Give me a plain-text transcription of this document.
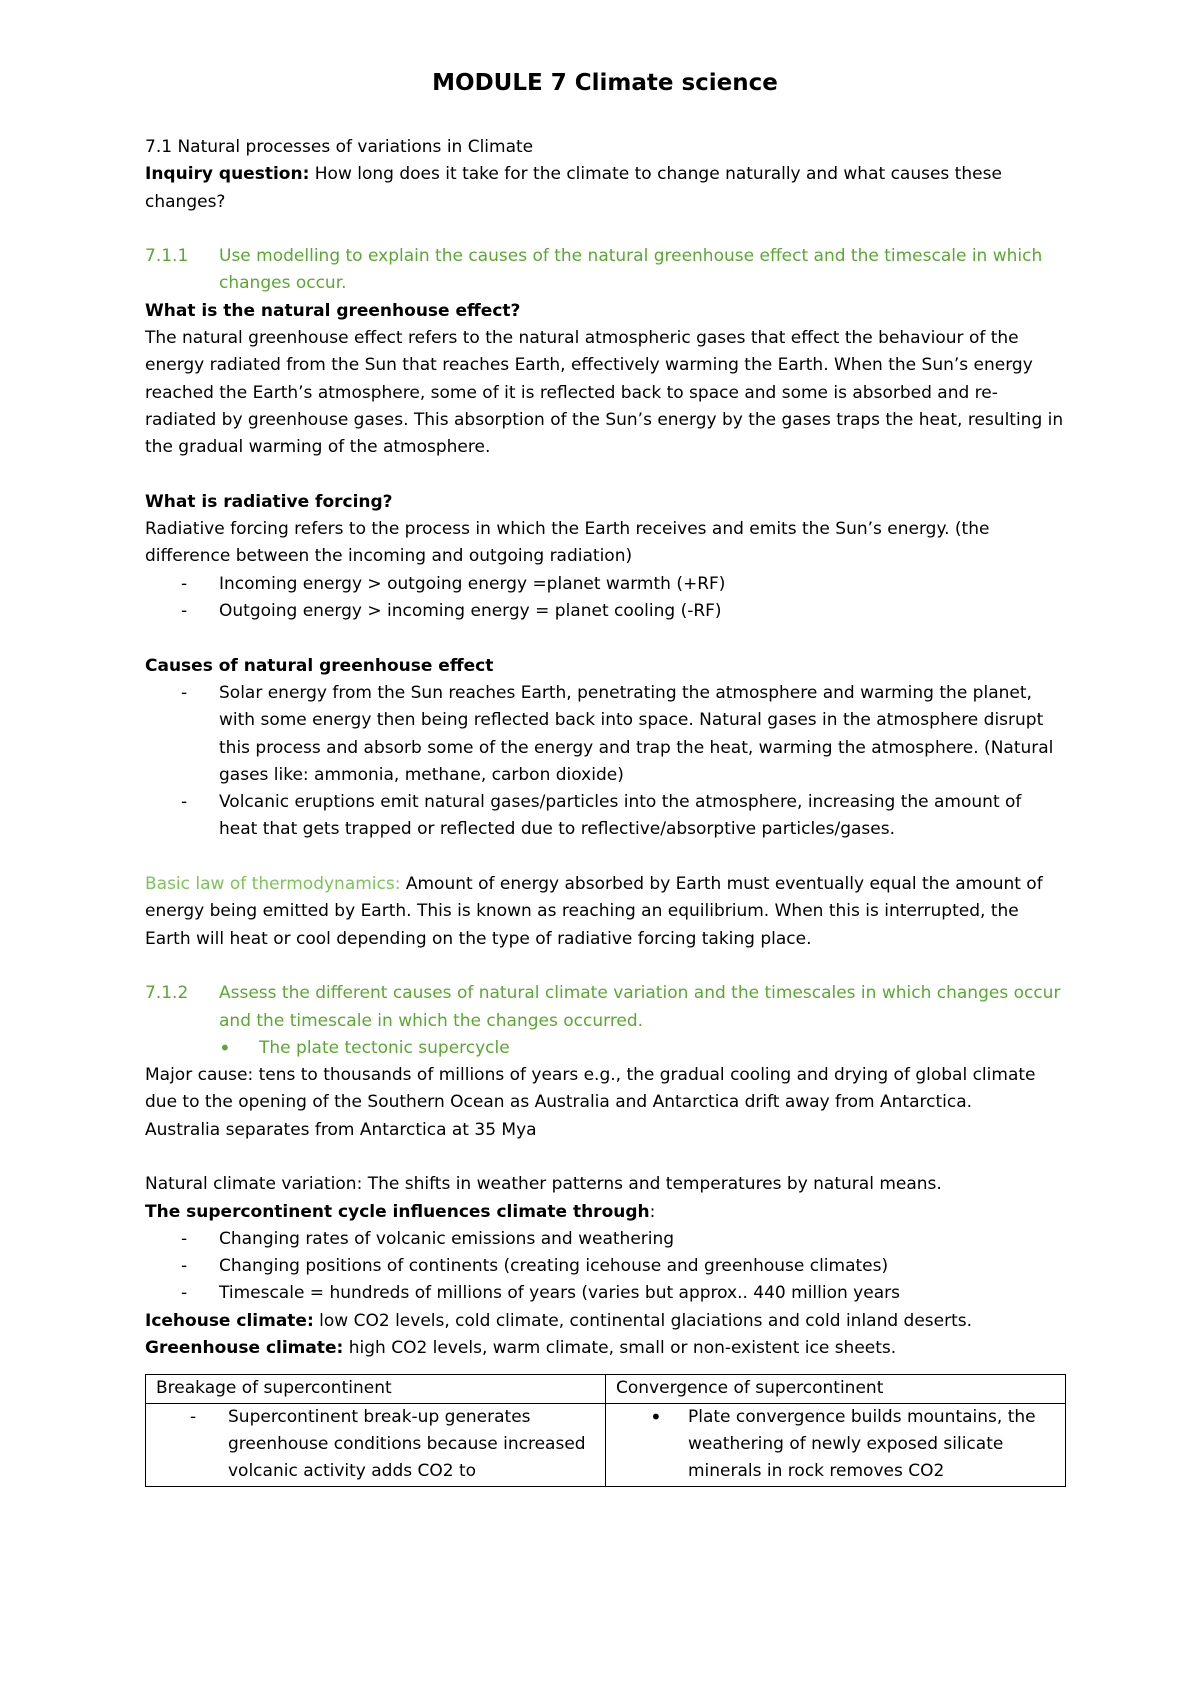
MODULE 7 Climate science
7.1 Natural processes of variations in Climate
Inquiry question: How long does it take for the climate to change naturally and what causes these changes?
7.1.1	Use modelling to explain the causes of the natural greenhouse effect and the timescale in which changes occur.
What is the natural greenhouse effect?
The natural greenhouse effect refers to the natural atmospheric gases that effect the behaviour of the energy radiated from the Sun that reaches Earth, effectively warming the Earth. When the Sun’s energy reached the Earth’s atmosphere, some of it is reflected back to space and some is absorbed and re-radiated by greenhouse gases. This absorption of the Sun’s energy by the gases traps the heat, resulting in the gradual warming of the atmosphere.
What is radiative forcing?
Radiative forcing refers to the process in which the Earth receives and emits the Sun’s energy. (the difference between the incoming and outgoing radiation)
- Incoming energy > outgoing energy =planet warmth (+RF)
- Outgoing energy > incoming energy = planet cooling (-RF)
Causes of natural greenhouse effect
- Solar energy from the Sun reaches Earth, penetrating the atmosphere and warming the planet, with some energy then being reflected back into space. Natural gases in the atmosphere disrupt this process and absorb some of the energy and trap the heat, warming the atmosphere. (Natural gases like: ammonia, methane, carbon dioxide)
- Volcanic eruptions emit natural gases/particles into the atmosphere, increasing the amount of heat that gets trapped or reflected due to reflective/absorptive particles/gases.
Basic law of thermodynamics: Amount of energy absorbed by Earth must eventually equal the amount of energy being emitted by Earth. This is known as reaching an equilibrium. When this is interrupted, the Earth will heat or cool depending on the type of radiative forcing taking place.
7.1.2	Assess the different causes of natural climate variation and the timescales in which changes occur and the timescale in which the changes occurred.
• The plate tectonic supercycle
Major cause: tens to thousands of millions of years e.g., the gradual cooling and drying of global climate due to the opening of the Southern Ocean as Australia and Antarctica drift away from Antarctica.
Australia separates from Antarctica at 35 Mya
Natural climate variation: The shifts in weather patterns and temperatures by natural means.
The supercontinent cycle influences climate through:
- Changing rates of volcanic emissions and weathering
- Changing positions of continents (creating icehouse and greenhouse climates)
- Timescale = hundreds of millions of years (varies but approx.. 440 million years
Icehouse climate: low CO2 levels, cold climate, continental glaciations and cold inland deserts.
Greenhouse climate: high CO2 levels, warm climate, small or non-existent ice sheets.
Breakage of supercontinent	Convergence of supercontinent

- Supercontinent break-up generates greenhouse conditions because increased volcanic activity adds CO2 to	• Plate convergence builds mountains, the weathering of newly exposed silicate minerals in rock removes CO2
